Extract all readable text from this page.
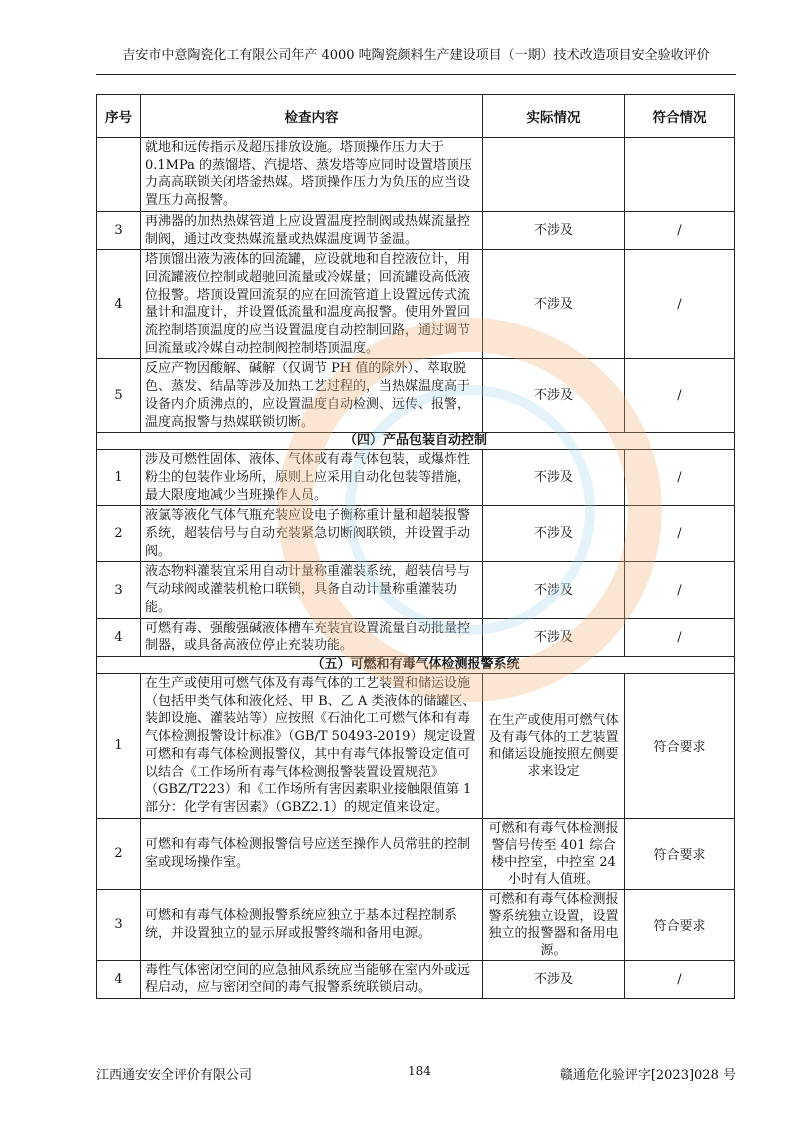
吉安市中意陶瓷化工有限公司年产 4000 吨陶瓷颜料生产建设项目（一期）技术改造项目安全验收评价
序号	检查内容	实际情况	符合情况
	就地和远传指示及超压排放设施。塔顶操作压力大于 0.1MPa 的蒸馏塔、汽提塔、蒸发塔等应同时设置塔顶压力高高联锁关闭塔釜热媒。塔顶操作压力为负压的应当设置压力高报警。		
3	再沸器的加热热媒管道上应设置温度控制阀或热媒流量控制阀，通过改变热媒流量或热媒温度调节釜温。	不涉及	/
4	塔顶馏出液为液体的回流罐，应设就地和自控液位计，用回流罐液位控制或超驰回流量或冷媒量；回流罐设高低液位报警。塔顶设置回流泵的应在回流管道上设置远传式流量计和温度计，并设置低流量和温度高报警。使用外置回流控制塔顶温度的应当设置温度自动控制回路，通过调节回流量或冷媒自动控制阀控制塔顶温度。	不涉及	/
5	反应产物因酸解、碱解（仅调节 PH 值的除外）、萃取脱色、蒸发、结晶等涉及加热工艺过程的，当热媒温度高于设备内介质沸点的，应设置温度自动检测、远传、报警，温度高报警与热媒联锁切断。	不涉及	/
（四）产品包装自动控制			
1	涉及可燃性固体、液体、气体或有毒气体包装，或爆炸性粉尘的包装作业场所，原则上应采用自动化包装等措施，最大限度地减少当班操作人员。	不涉及	/
2	液氯等液化气体气瓶充装应设电子衡称重计量和超装报警系统，超装信号与自动充装紧急切断阀联锁，并设置手动阀。	不涉及	/
3	液态物料灌装宜采用自动计量称重灌装系统，超装信号与气动球阀或灌装机枪口联锁，具备自动计量称重灌装功能。	不涉及	/
4	可燃有毒、强酸强碱液体槽车充装宜设置流量自动批量控制器，或具备高液位停止充装功能。	不涉及	/
（五）可燃和有毒气体检测报警系统			
1	在生产或使用可燃气体及有毒气体的工艺装置和储运设施（包括甲类气体和液化烃、甲 B、乙 A 类液体的储罐区、装卸设施、灌装站等）应按照《石油化工可燃气体和有毒气体检测报警设计标准》（GB/T 50493-2019）规定设置可燃和有毒气体检测报警仪，其中有毒气体报警设定值可以结合《工作场所有毒气体检测报警装置设置规范》（GBZ/T223）和《工作场所有害因素职业接触限值第 1 部分：化学有害因素》（GBZ2.1）的规定值来设定。	在生产或使用可燃气体及有毒气体的工艺装置和储运设施按照左侧要求来设定	符合要求
2	可燃和有毒气体检测报警信号应送至操作人员常驻的控制室或现场操作室。	可燃和有毒气体检测报警信号传至 401 综合楼中控室，中控室 24 小时有人值班。	符合要求
3	可燃和有毒气体检测报警系统应独立于基本过程控制系统，并设置独立的显示屏或报警终端和备用电源。	可燃和有毒气体检测报警系统独立设置，设置独立的报警器和备用电源。	符合要求
4	毒性气体密闭空间的应急抽风系统应当能够在室内外或远程启动，应与密闭空间的毒气报警系统联锁启动。	不涉及	/
江西通安安全评价有限公司	184	赣通危化验评字[2023]028 号
